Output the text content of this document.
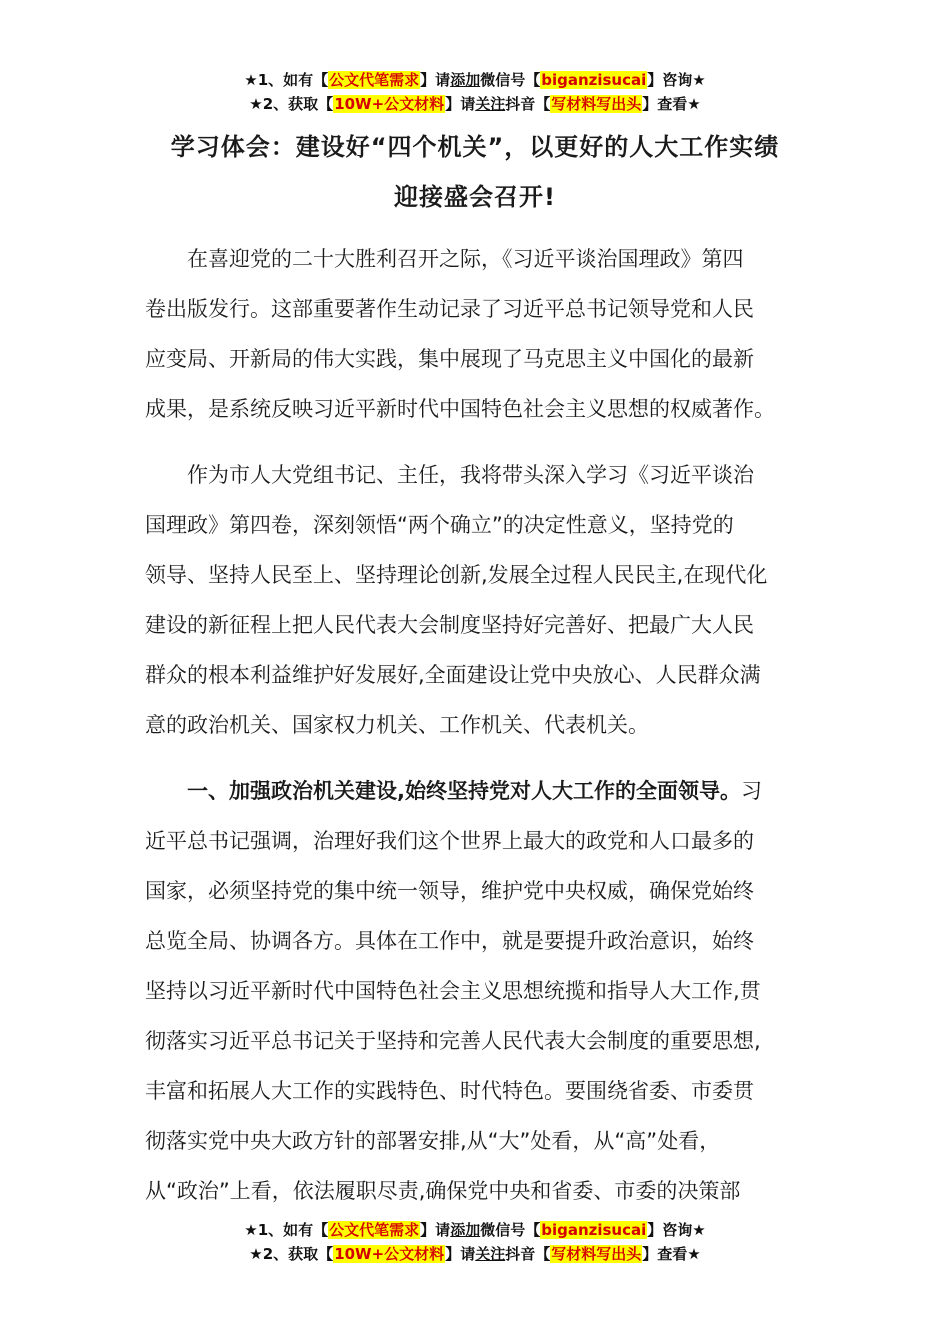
★1、如有【公文代笔需求】请添加微信号【biganzisucai】咨询★
★2、获取【10W+公文材料】请关注抖音【写材料写出头】查看★
学习体会：建设好“四个机关”，以更好的人大工作实绩
迎接盛会召开!

在喜迎党的二十大胜利召开之际，《习近平谈治国理政》第四
卷出版发行。这部重要著作生动记录了习近平总书记领导党和人民
应变局、开新局的伟大实践，集中展现了马克思主义中国化的最新
成果，是系统反映习近平新时代中国特色社会主义思想的权威著作。

作为市人大党组书记、主任，我将带头深入学习《习近平谈治
国理政》第四卷，深刻领悟“两个确立”的决定性意义，坚持党的
领导、坚持人民至上、坚持理论创新,发展全过程人民民主,在现代化
建设的新征程上把人民代表大会制度坚持好完善好、把最广大人民
群众的根本利益维护好发展好,全面建设让党中央放心、人民群众满
意的政治机关、国家权力机关、工作机关、代表机关。

一、加强政治机关建设,始终坚持党对人大工作的全面领导。习
近平总书记强调，治理好我们这个世界上最大的政党和人口最多的
国家，必须坚持党的集中统一领导，维护党中央权威，确保党始终
总览全局、协调各方。具体在工作中，就是要提升政治意识，始终
坚持以习近平新时代中国特色社会主义思想统揽和指导人大工作,贯
彻落实习近平总书记关于坚持和完善人民代表大会制度的重要思想,
丰富和拓展人大工作的实践特色、时代特色。要围绕省委、市委贯
彻落实党中央大政方针的部署安排,从“大”处看，从“高”处看，
从“政治”上看，依法履职尽责,确保党中央和省委、市委的决策部

★1、如有【公文代笔需求】请添加微信号【biganzisucai】咨询★
★2、获取【10W+公文材料】请关注抖音【写材料写出头】查看★
